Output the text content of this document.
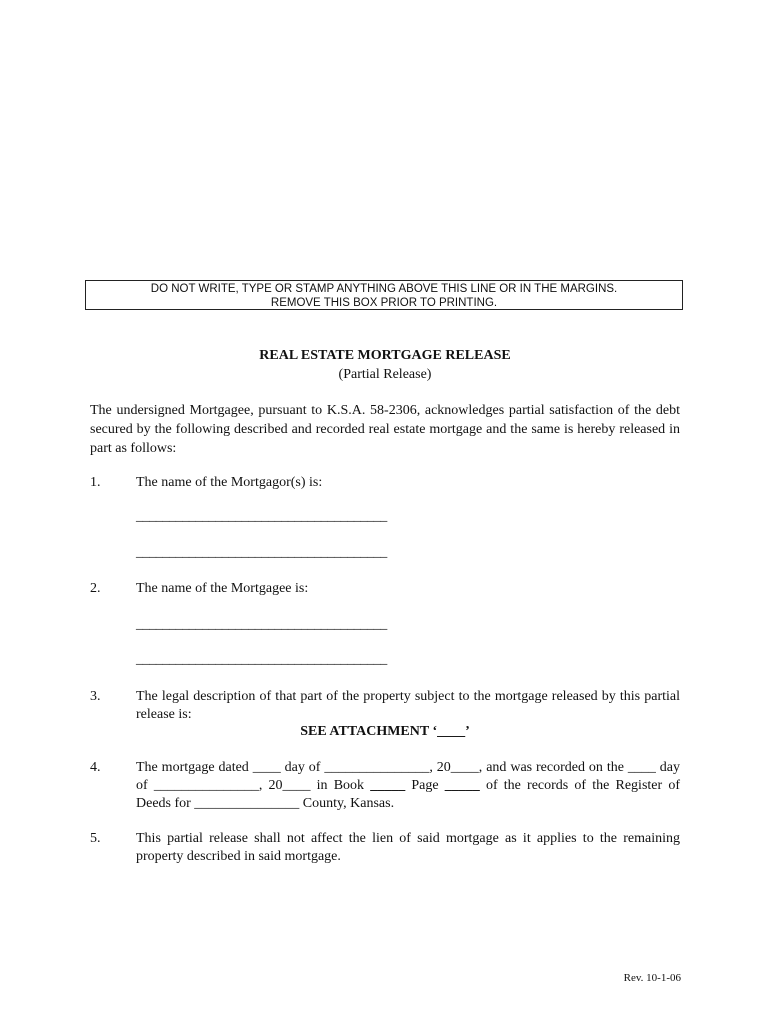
DO NOT WRITE, TYPE OR STAMP ANYTHING ABOVE THIS LINE OR IN THE MARGINS.
REMOVE THIS BOX PRIOR TO PRINTING.
REAL ESTATE MORTGAGE RELEASE
(Partial Release)
The undersigned Mortgagee, pursuant to K.S.A. 58-2306, acknowledges partial satisfaction of the debt secured by the following described and recorded real estate mortgage and the same is hereby released in part as follows:
1.	The name of the Mortgagor(s) is:
______________________________________
______________________________________
2.	The name of the Mortgagee is:
______________________________________
______________________________________
3.	The legal description of that part of the property subject to the mortgage released by this partial release is:
SEE ATTACHMENT ‘____’
4.	The mortgage dated ____ day of _______________, 20____, and was recorded on the ____ day of _______________, 20____ in Book _____ Page _____ of the records of the Register of Deeds for _______________ County, Kansas.
5.	This partial release shall not affect the lien of said mortgage as it applies to the remaining property described in said mortgage.
Rev. 10-1-06
